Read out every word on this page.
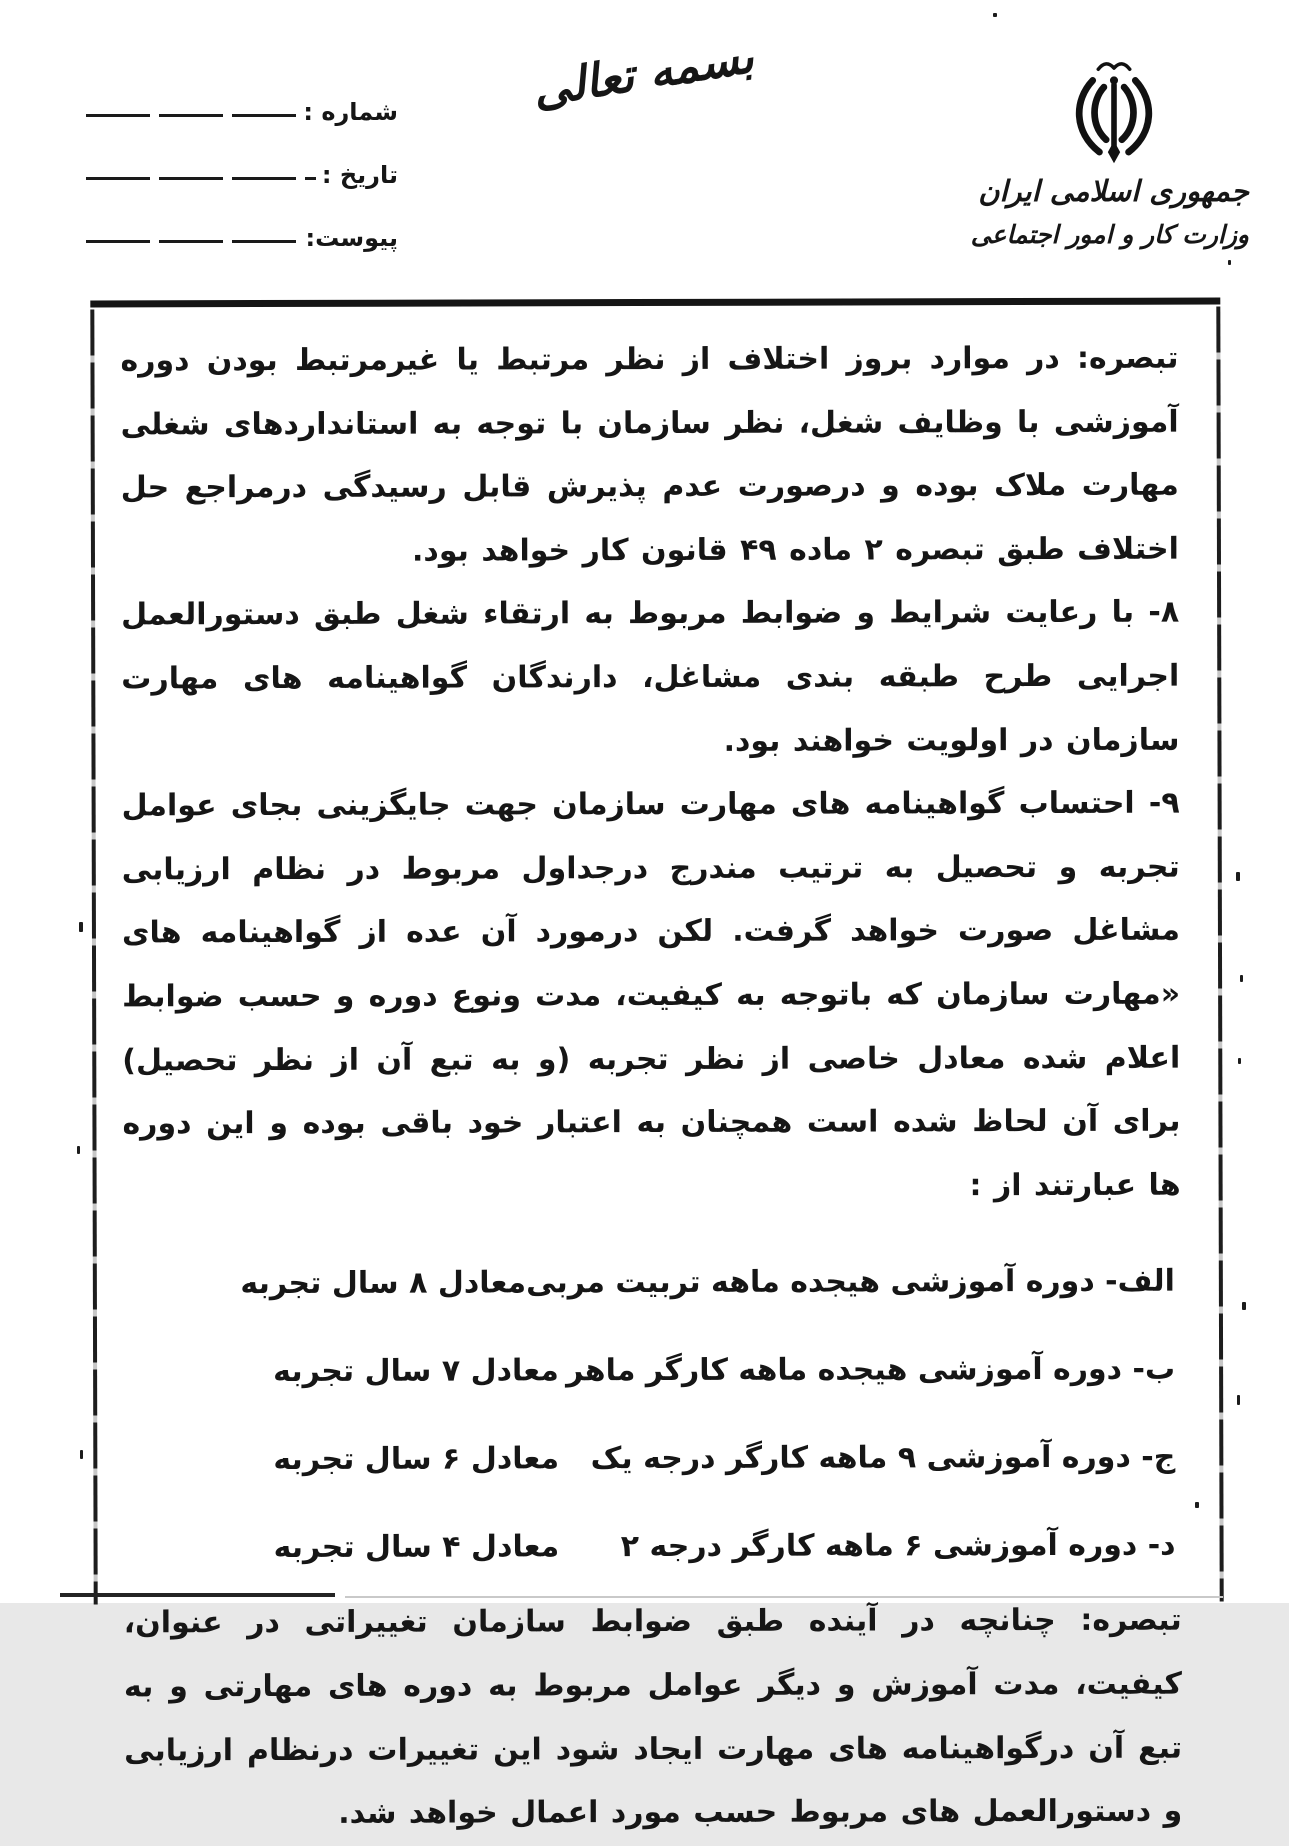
بسمه تعالی
جمهوری اسلامی ایران
وزارت کار و امور اجتماعی
شماره :
تاریخ :
پیوست:

تبصره: در موارد بروز اختلاف از نظر مرتبط یا غیرمرتبط بودن دوره آموزشی با وظایف شغل، نظر سازمان با توجه به استانداردهای شغلی مهارت ملاک بوده و درصورت عدم پذیرش قابل رسیدگی درمراجع حل اختلاف طبق تبصره ۲ ماده ۴۹ قانون کار خواهد بود.

۸- با رعایت شرایط و ضوابط مربوط به ارتقاء شغل طبق دستورالعمل اجرایی طرح طبقه بندی مشاغل، دارندگان گواهینامه های مهارت سازمان در اولویت خواهند بود.

۹- احتساب گواهینامه های مهارت سازمان جهت جایگزینی بجای عوامل تجربه و تحصیل به ترتیب مندرج درجداول مربوط در نظام ارزیابی مشاغل صورت خواهد گرفت. لکن درمورد آن عده از گواهینامه های «مهارت سازمان که باتوجه به کیفیت، مدت ونوع دوره و حسب ضوابط اعلام شده معادل خاصی از نظر تجربه (و به تبع آن از نظر تحصیل) برای آن لحاظ شده است همچنان به اعتبار خود باقی بوده و این دوره ها عبارتند از :

الف- دوره آموزشی هیجده ماهه تربیت مربی
معادل ۸ سال تجربه
ب- دوره آموزشی هیجده ماهه کارگر ماهر
معادل ۷ سال تجربه
ج- دوره آموزشی ۹ ماهه کارگر درجه یک
معادل ۶ سال تجربه
د- دوره آموزشی ۶ ماهه کارگر درجه ۲
معادل ۴ سال تجربه

تبصره: چنانچه در آینده طبق ضوابط سازمان تغییراتی در عنوان، کیفیت، مدت آموزش و دیگر عوامل مربوط به دوره های مهارتی و به تبع آن درگواهینامه های مهارت ایجاد شود این تغییرات درنظام ارزیابی و دستورالعمل های مربوط حسب مورد اعمال خواهد شد.
